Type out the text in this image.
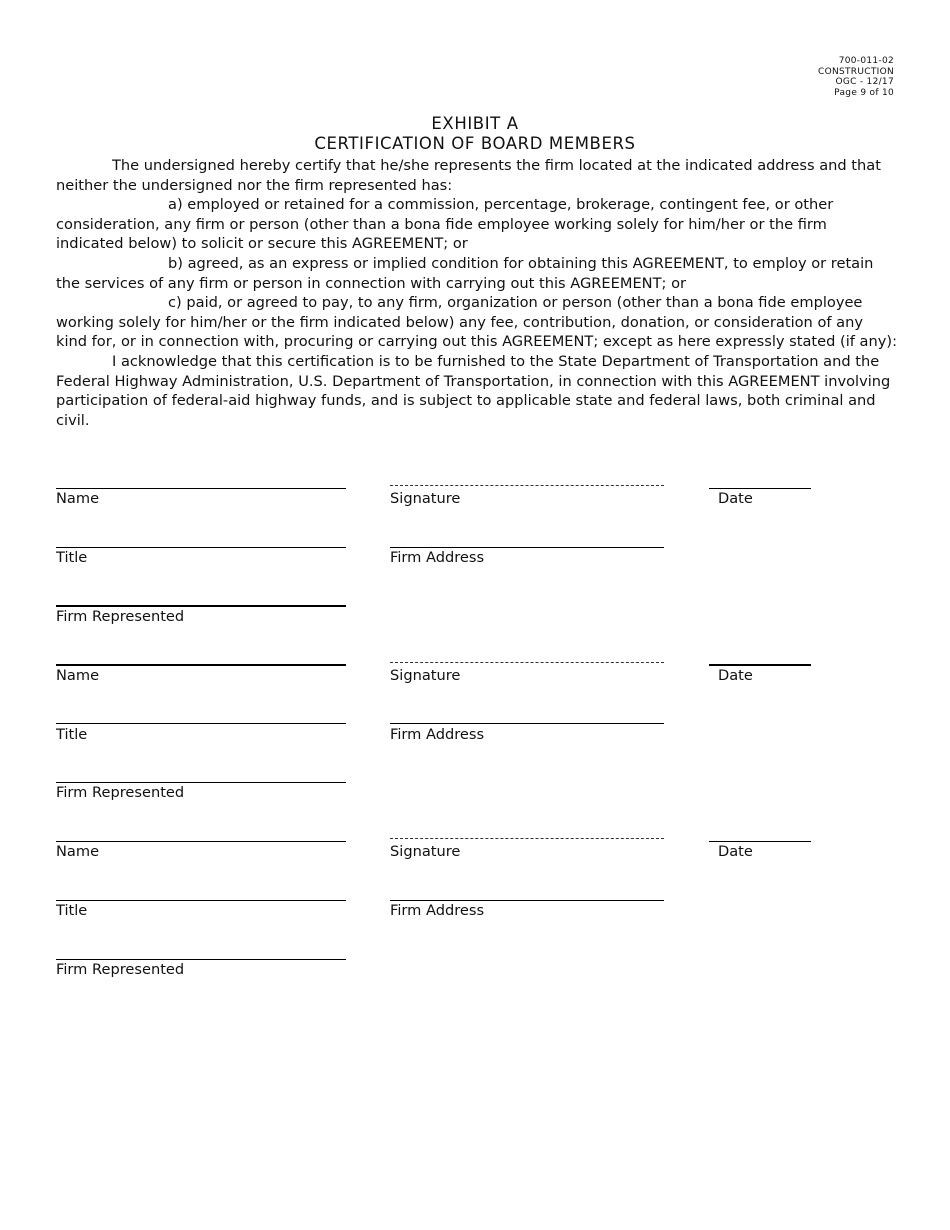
700-011-02
CONSTRUCTION
OGC - 12/17
Page 9 of 10
EXHIBIT A
CERTIFICATION OF BOARD MEMBERS

The undersigned hereby certify that he/she represents the firm located at the indicated address and that neither the undersigned nor the firm represented has:

a) employed or retained for a commission, percentage, brokerage, contingent fee, or other consideration, any firm or person (other than a bona fide employee working solely for him/her or the firm indicated below) to solicit or secure this AGREEMENT; or

b) agreed, as an express or implied condition for obtaining this AGREEMENT, to employ or retain the services of any firm or person in connection with carrying out this AGREEMENT; or

c) paid, or agreed to pay, to any firm, organization or person (other than a bona fide employee working solely for him/her or the firm indicated below) any fee, contribution, donation, or consideration of any kind for, or in connection with, procuring or carrying out this AGREEMENT; except as here expressly stated (if any):

I acknowledge that this certification is to be furnished to the State Department of Transportation and the Federal Highway Administration, U.S. Department of Transportation, in connection with this AGREEMENT involving participation of federal-aid highway funds, and is subject to applicable state and federal laws, both criminal and civil.

Name	Signature	Date
Title	Firm Address
Firm Represented
Name	Signature	Date
Title	Firm Address
Firm Represented
Name	Signature	Date
Title	Firm Address
Firm Represented
